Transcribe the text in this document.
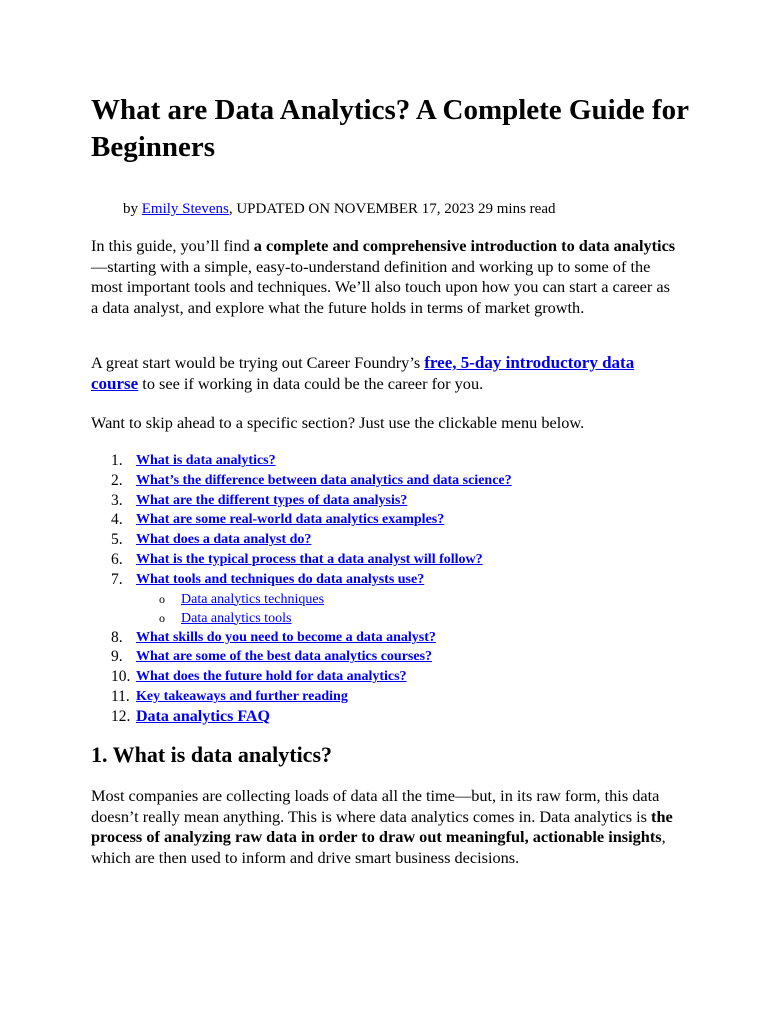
What are Data Analytics? A Complete Guide for Beginners

by Emily Stevens, UPDATED ON NOVEMBER 17, 2023 29 mins read

In this guide, you’ll find a complete and comprehensive introduction to data analytics—starting with a simple, easy-to-understand definition and working up to some of the most important tools and techniques. We’ll also touch upon how you can start a career as a data analyst, and explore what the future holds in terms of market growth.

A great start would be trying out Career Foundry’s free, 5-day introductory data course to see if working in data could be the career for you.

Want to skip ahead to a specific section? Just use the clickable menu below.

1. What is data analytics?
2. What’s the difference between data analytics and data science?
3. What are the different types of data analysis?
4. What are some real-world data analytics examples?
5. What does a data analyst do?
6. What is the typical process that a data analyst will follow?
7. What tools and techniques do data analysts use?
o Data analytics techniques
o Data analytics tools
8. What skills do you need to become a data analyst?
9. What are some of the best data analytics courses?
10. What does the future hold for data analytics?
11. Key takeaways and further reading
12. Data analytics FAQ
1. What is data analytics?

Most companies are collecting loads of data all the time—but, in its raw form, this data doesn’t really mean anything. This is where data analytics comes in. Data analytics is the process of analyzing raw data in order to draw out meaningful, actionable insights, which are then used to inform and drive smart business decisions.
